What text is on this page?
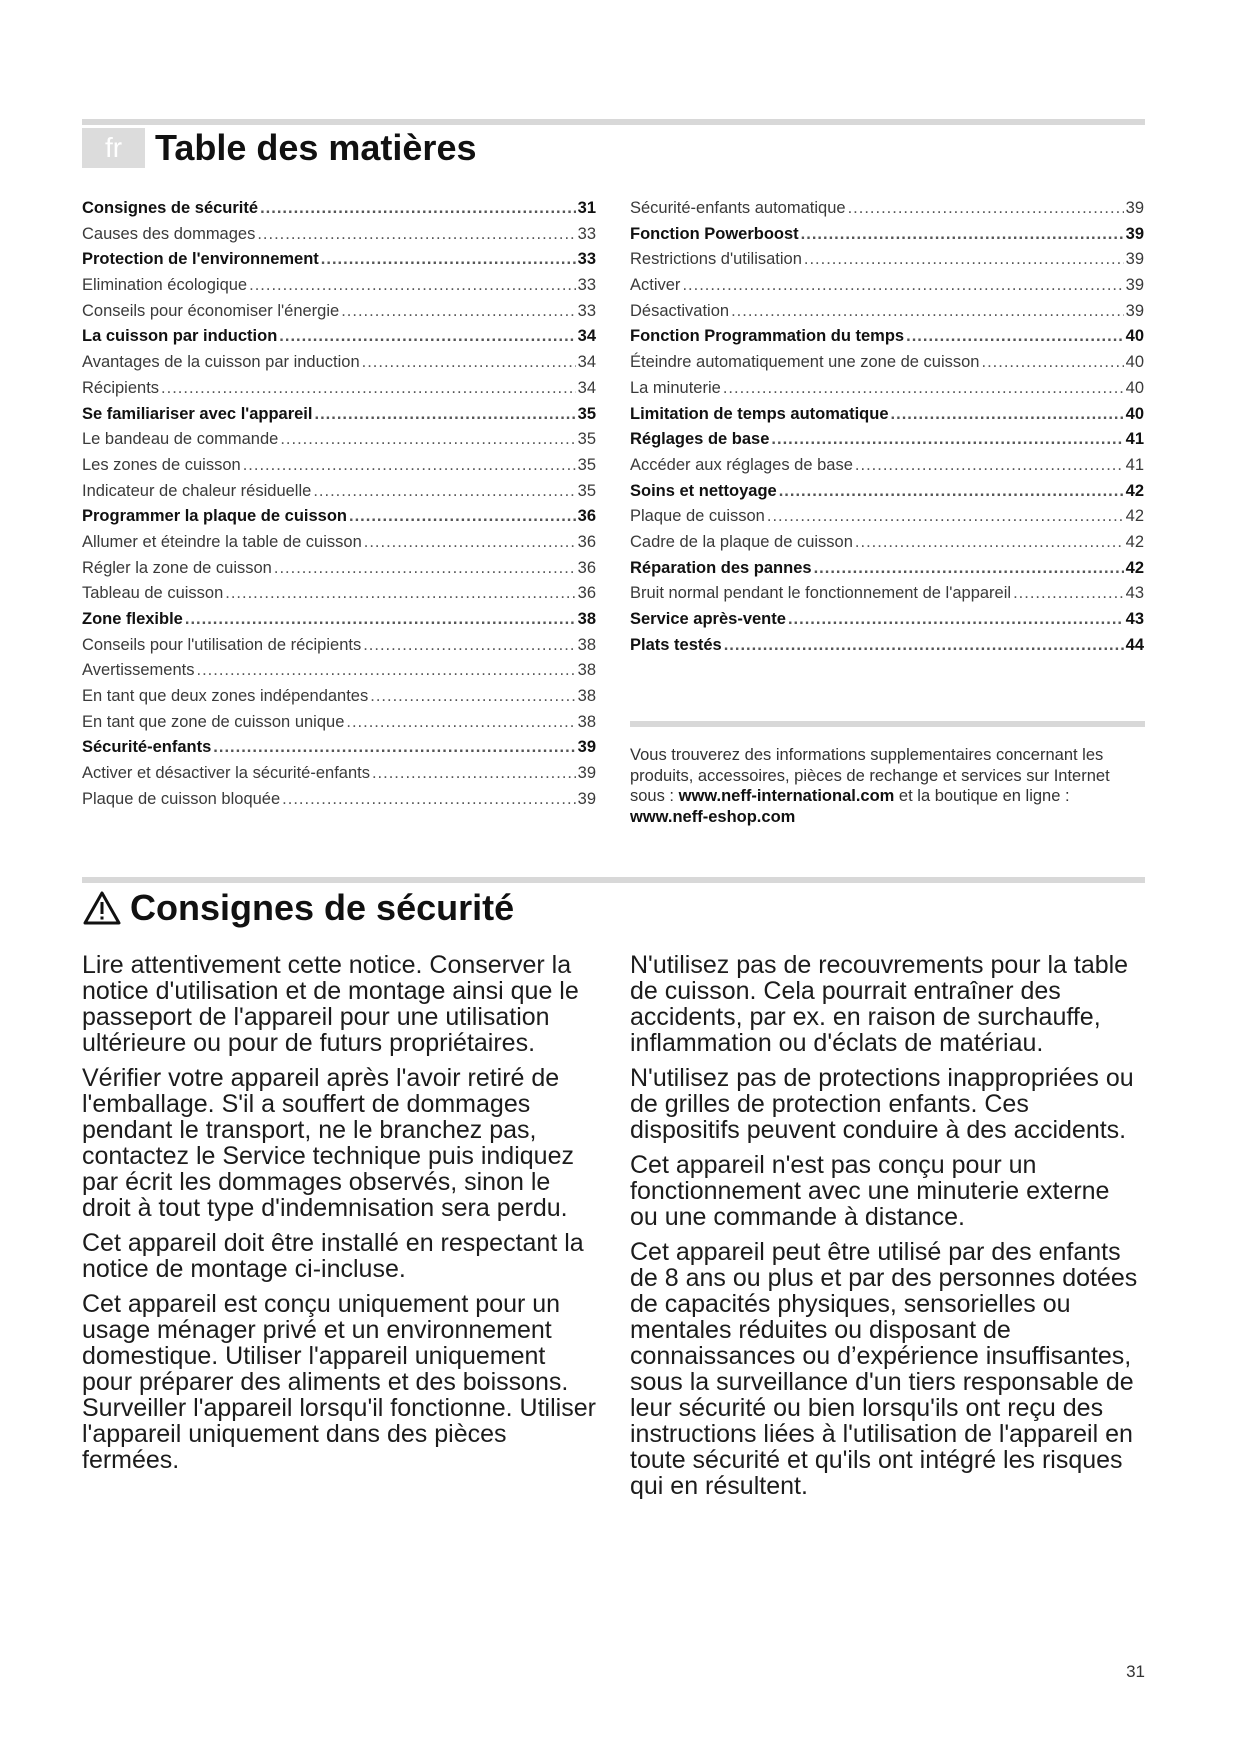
fr Table des matières
Consignes de sécurité .....	31
Causes des dommages .....	33
Protection de l'environnement .....	33
Elimination écologique .....	33
Conseils pour économiser l'énergie .....	33
La cuisson par induction .....	34
Avantages de la cuisson par induction .....	34
Récipients .....	34
Se familiariser avec l'appareil .....	35
Le bandeau de commande .....	35
Les zones de cuisson .....	35
Indicateur de chaleur résiduelle .....	35
Programmer la plaque de cuisson .....	36
Allumer et éteindre la table de cuisson .....	36
Régler la zone de cuisson .....	36
Tableau de cuisson .....	36
Zone flexible .....	38
Conseils pour l'utilisation de récipients .....	38
Avertissements .....	38
En tant que deux zones indépendantes .....	38
En tant que zone de cuisson unique .....	38
Sécurité-enfants .....	39
Activer et désactiver la sécurité-enfants .....	39
Plaque de cuisson bloquée .....	39
Sécurité-enfants automatique .....	39
Fonction Powerboost .....	39
Restrictions d'utilisation .....	39
Activer .....	39
Désactivation .....	39
Fonction Programmation du temps .....	40
Éteindre automatiquement une zone de cuisson .....	40
La minuterie .....	40
Limitation de temps automatique .....	40
Réglages de base .....	41
Accéder aux réglages de base .....	41
Soins et nettoyage .....	42
Plaque de cuisson .....	42
Cadre de la plaque de cuisson .....	42
Réparation des pannes .....	42
Bruit normal pendant le fonctionnement de l'appareil .....	43
Service après-vente .....	43
Plats testés .....	44

Vous trouverez des informations supplementaires concernant les produits, accessoires, pièces de rechange et services sur Internet sous : www.neff-international.com et la boutique en ligne : www.neff-eshop.com

Consignes de sécurité

Lire attentivement cette notice. Conserver la notice d'utilisation et de montage ainsi que le passeport de l'appareil pour une utilisation ultérieure ou pour de futurs propriétaires.

Vérifier votre appareil après l'avoir retiré de l'emballage. S'il a souffert de dommages pendant le transport, ne le branchez pas, contactez le Service technique puis indiquez par écrit les dommages observés, sinon le droit à tout type d'indemnisation sera perdu.

Cet appareil doit être installé en respectant la notice de montage ci-incluse.

Cet appareil est conçu uniquement pour un usage ménager privé et un environnement domestique. Utiliser l'appareil uniquement pour préparer des aliments et des boissons. Surveiller l'appareil lorsqu'il fonctionne. Utiliser l'appareil uniquement dans des pièces fermées.

N'utilisez pas de recouvrements pour la table de cuisson. Cela pourrait entraîner des accidents, par ex. en raison de surchauffe, inflammation ou d'éclats de matériau.

N'utilisez pas de protections inappropriées ou de grilles de protection enfants. Ces dispositifs peuvent conduire à des accidents.

Cet appareil n'est pas conçu pour un fonctionnement avec une minuterie externe ou une commande à distance.

Cet appareil peut être utilisé par des enfants de 8 ans ou plus et par des personnes dotées de capacités physiques, sensorielles ou mentales réduites ou disposant de connaissances ou d’expérience insuffisantes, sous la surveillance d'un tiers responsable de leur sécurité ou bien lorsqu'ils ont reçu des instructions liées à l'utilisation de l'appareil en toute sécurité et qu'ils ont intégré les risques qui en résultent.

31
